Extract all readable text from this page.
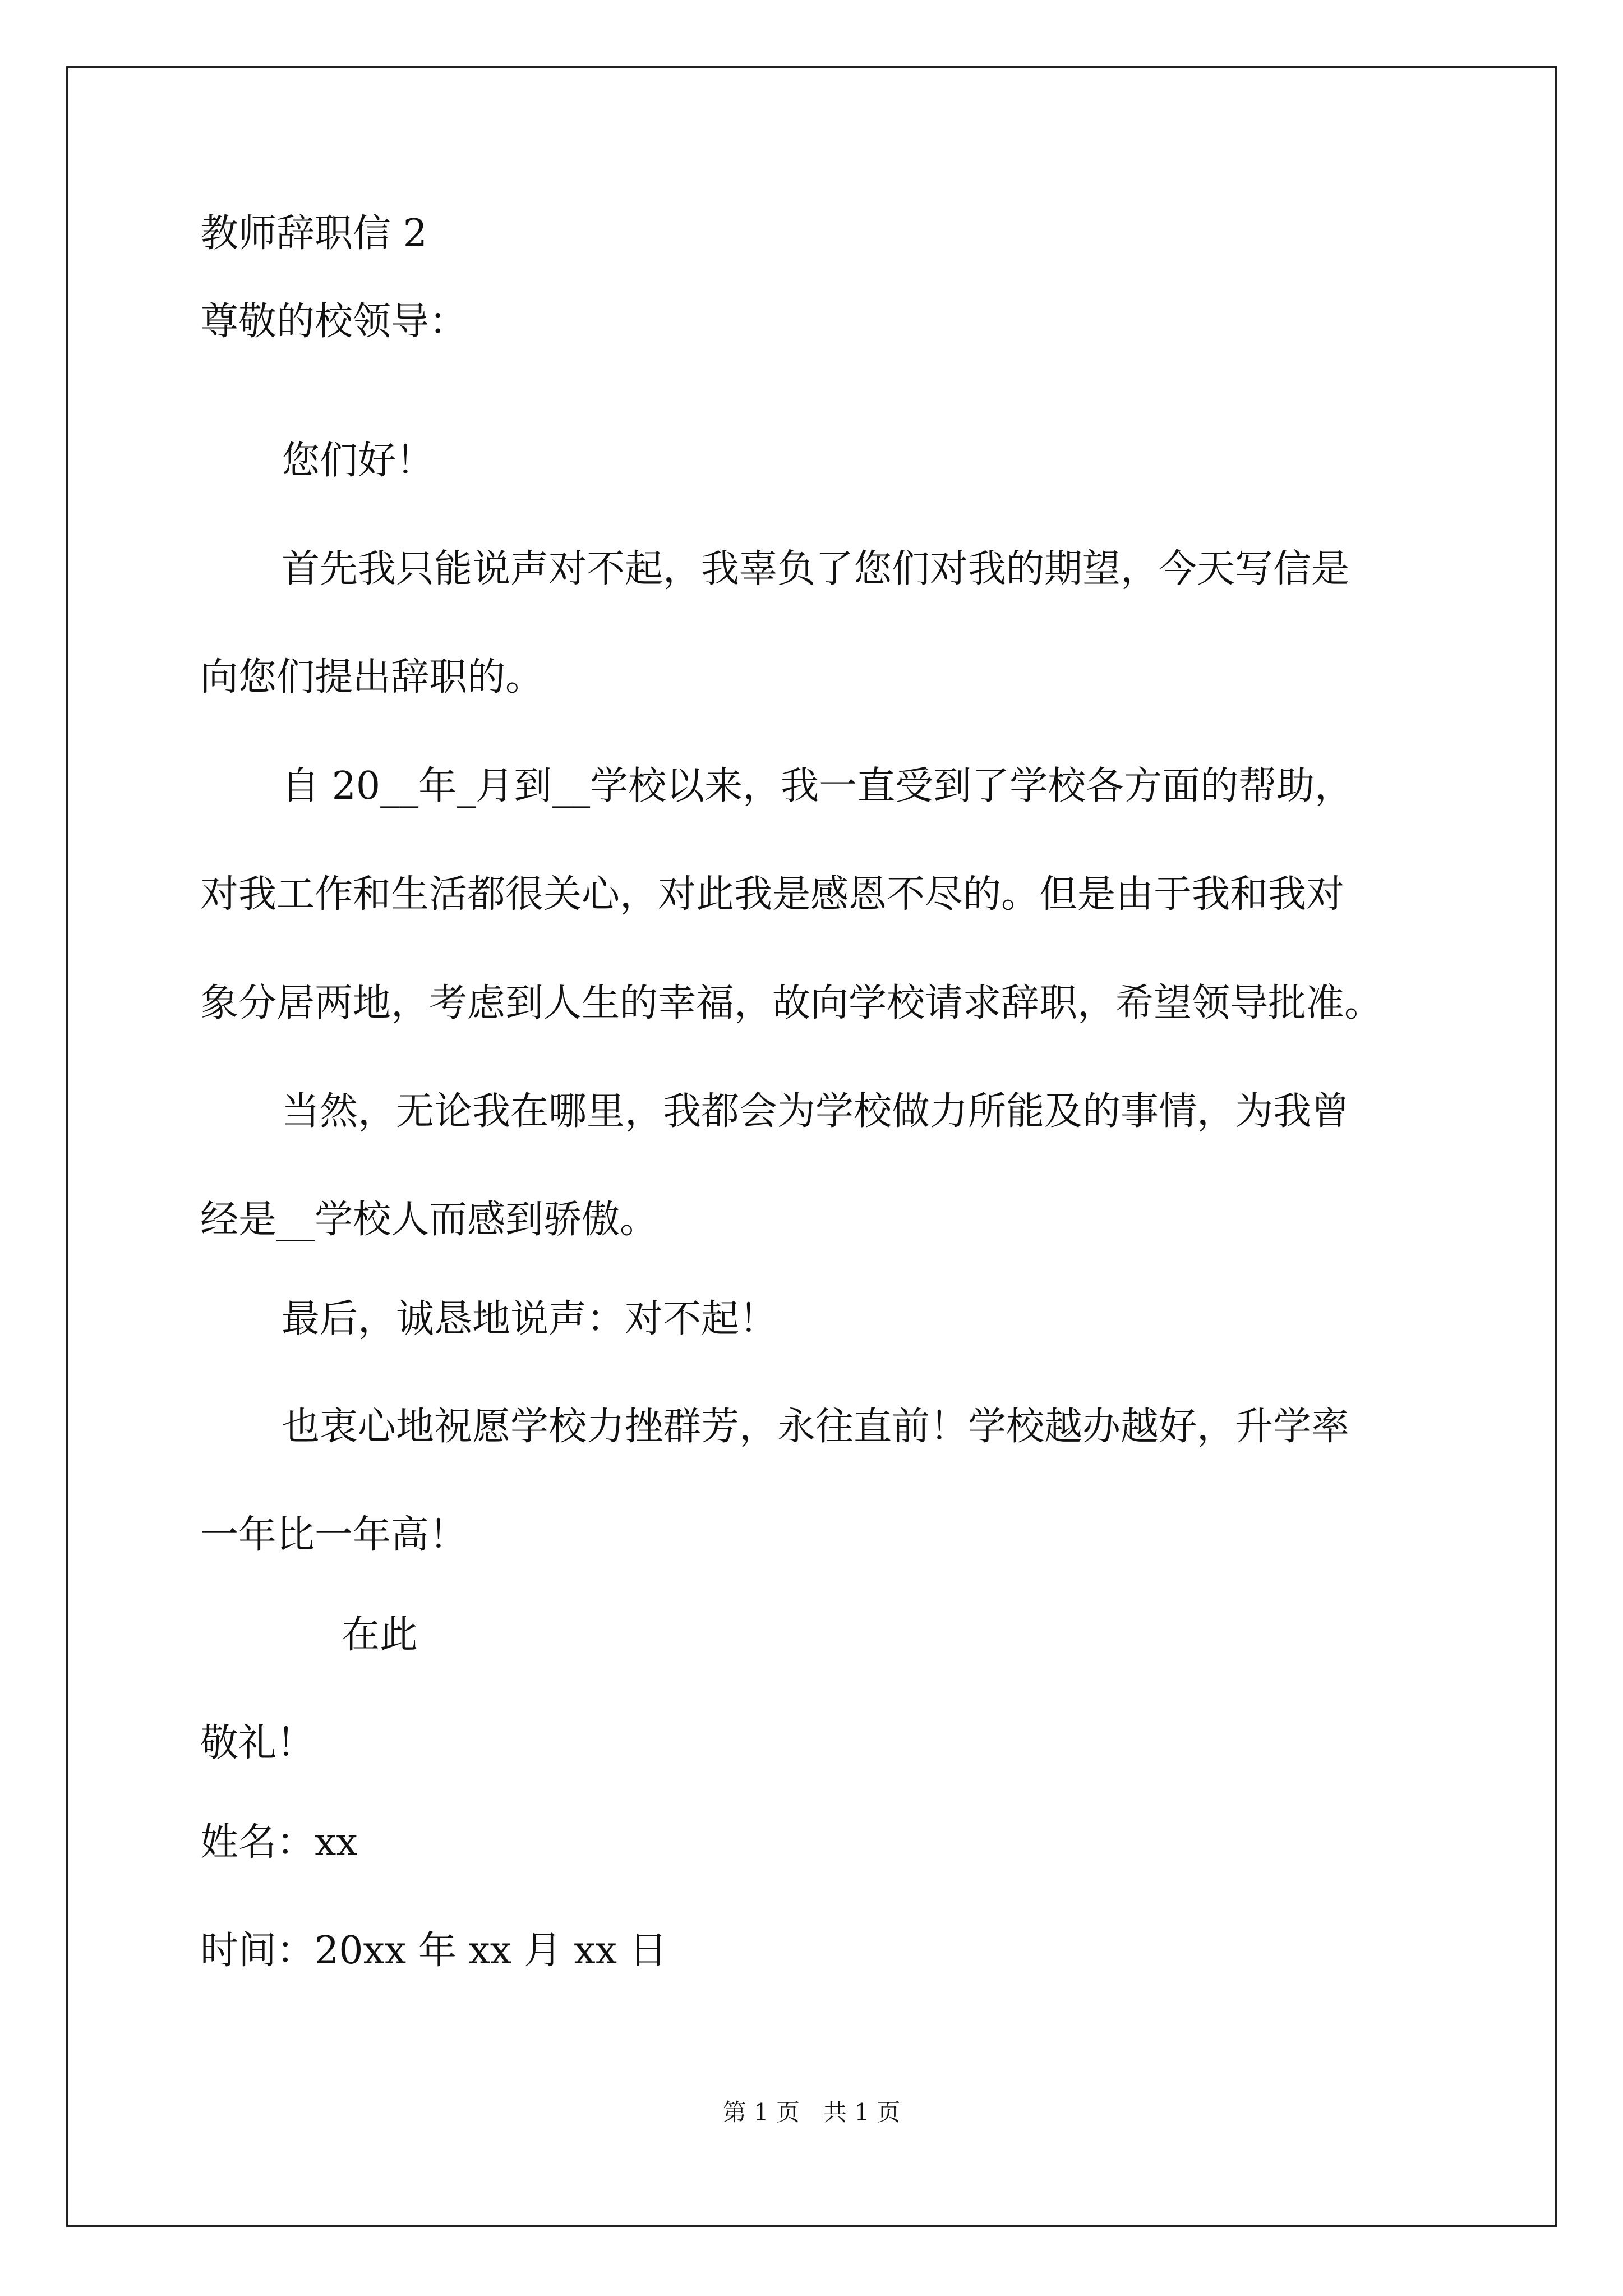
教师辞职信 2

尊敬的校领导：

您们好！

首先我只能说声对不起，我辜负了您们对我的期望，今天写信是

向您们提出辞职的。

自 20__年_月到__学校以来，我一直受到了学校各方面的帮助，

对我工作和生活都很关心，对此我是感恩不尽的。但是由于我和我对

象分居两地，考虑到人生的幸福，故向学校请求辞职，希望领导批准。

当然，无论我在哪里，我都会为学校做力所能及的事情，为我曾

经是__学校人而感到骄傲。

最后，诚恳地说声：对不起！

也衷心地祝愿学校力挫群芳，永往直前！学校越办越好，升学率

一年比一年高！

在此

敬礼！

姓名：xx

时间：20xx 年 xx 月 xx 日

第 1 页　共 1 页
